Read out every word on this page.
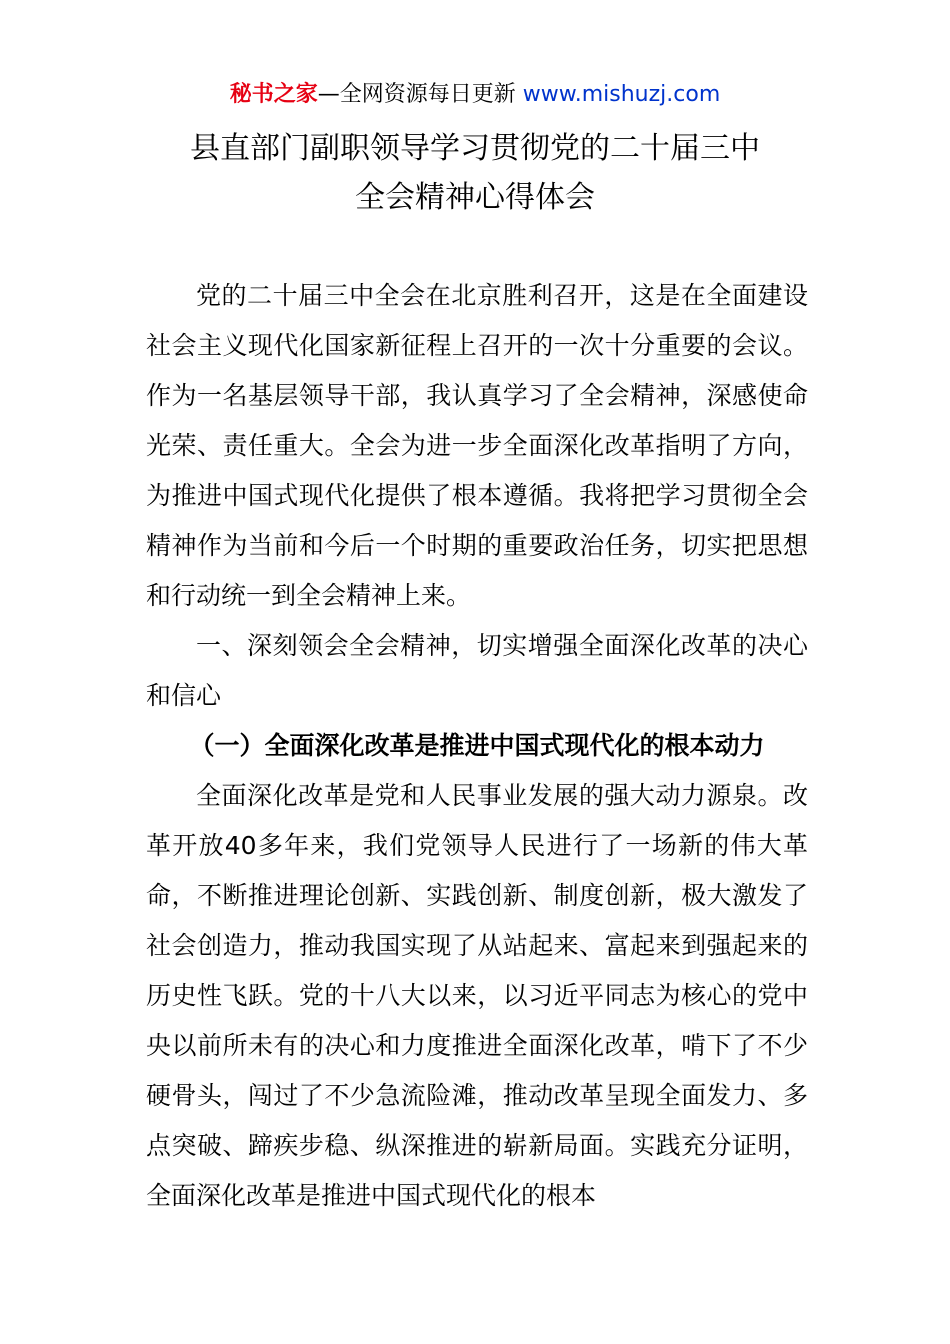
秘书之家—全网资源每日更新 www.mishuzj.com
县直部门副职领导学习贯彻党的二十届三中
全会精神心得体会

党的二十届三中全会在北京胜利召开，这是在全面建设社会主义现代化国家新征程上召开的一次十分重要的会议。作为一名基层领导干部，我认真学习了全会精神，深感使命光荣、责任重大。全会为进一步全面深化改革指明了方向，为推进中国式现代化提供了根本遵循。我将把学习贯彻全会精神作为当前和今后一个时期的重要政治任务，切实把思想和行动统一到全会精神上来。

一、深刻领会全会精神，切实增强全面深化改革的决心和信心

（一）全面深化改革是推进中国式现代化的根本动力

全面深化改革是党和人民事业发展的强大动力源泉。改革开放40多年来，我们党领导人民进行了一场新的伟大革命，不断推进理论创新、实践创新、制度创新，极大激发了社会创造力，推动我国实现了从站起来、富起来到强起来的历史性飞跃。党的十八大以来，以习近平同志为核心的党中央以前所未有的决心和力度推进全面深化改革，啃下了不少硬骨头，闯过了不少急流险滩，推动改革呈现全面发力、多点突破、蹄疾步稳、纵深推进的崭新局面。实践充分证明，全面深化改革是推进中国式现代化的根本
